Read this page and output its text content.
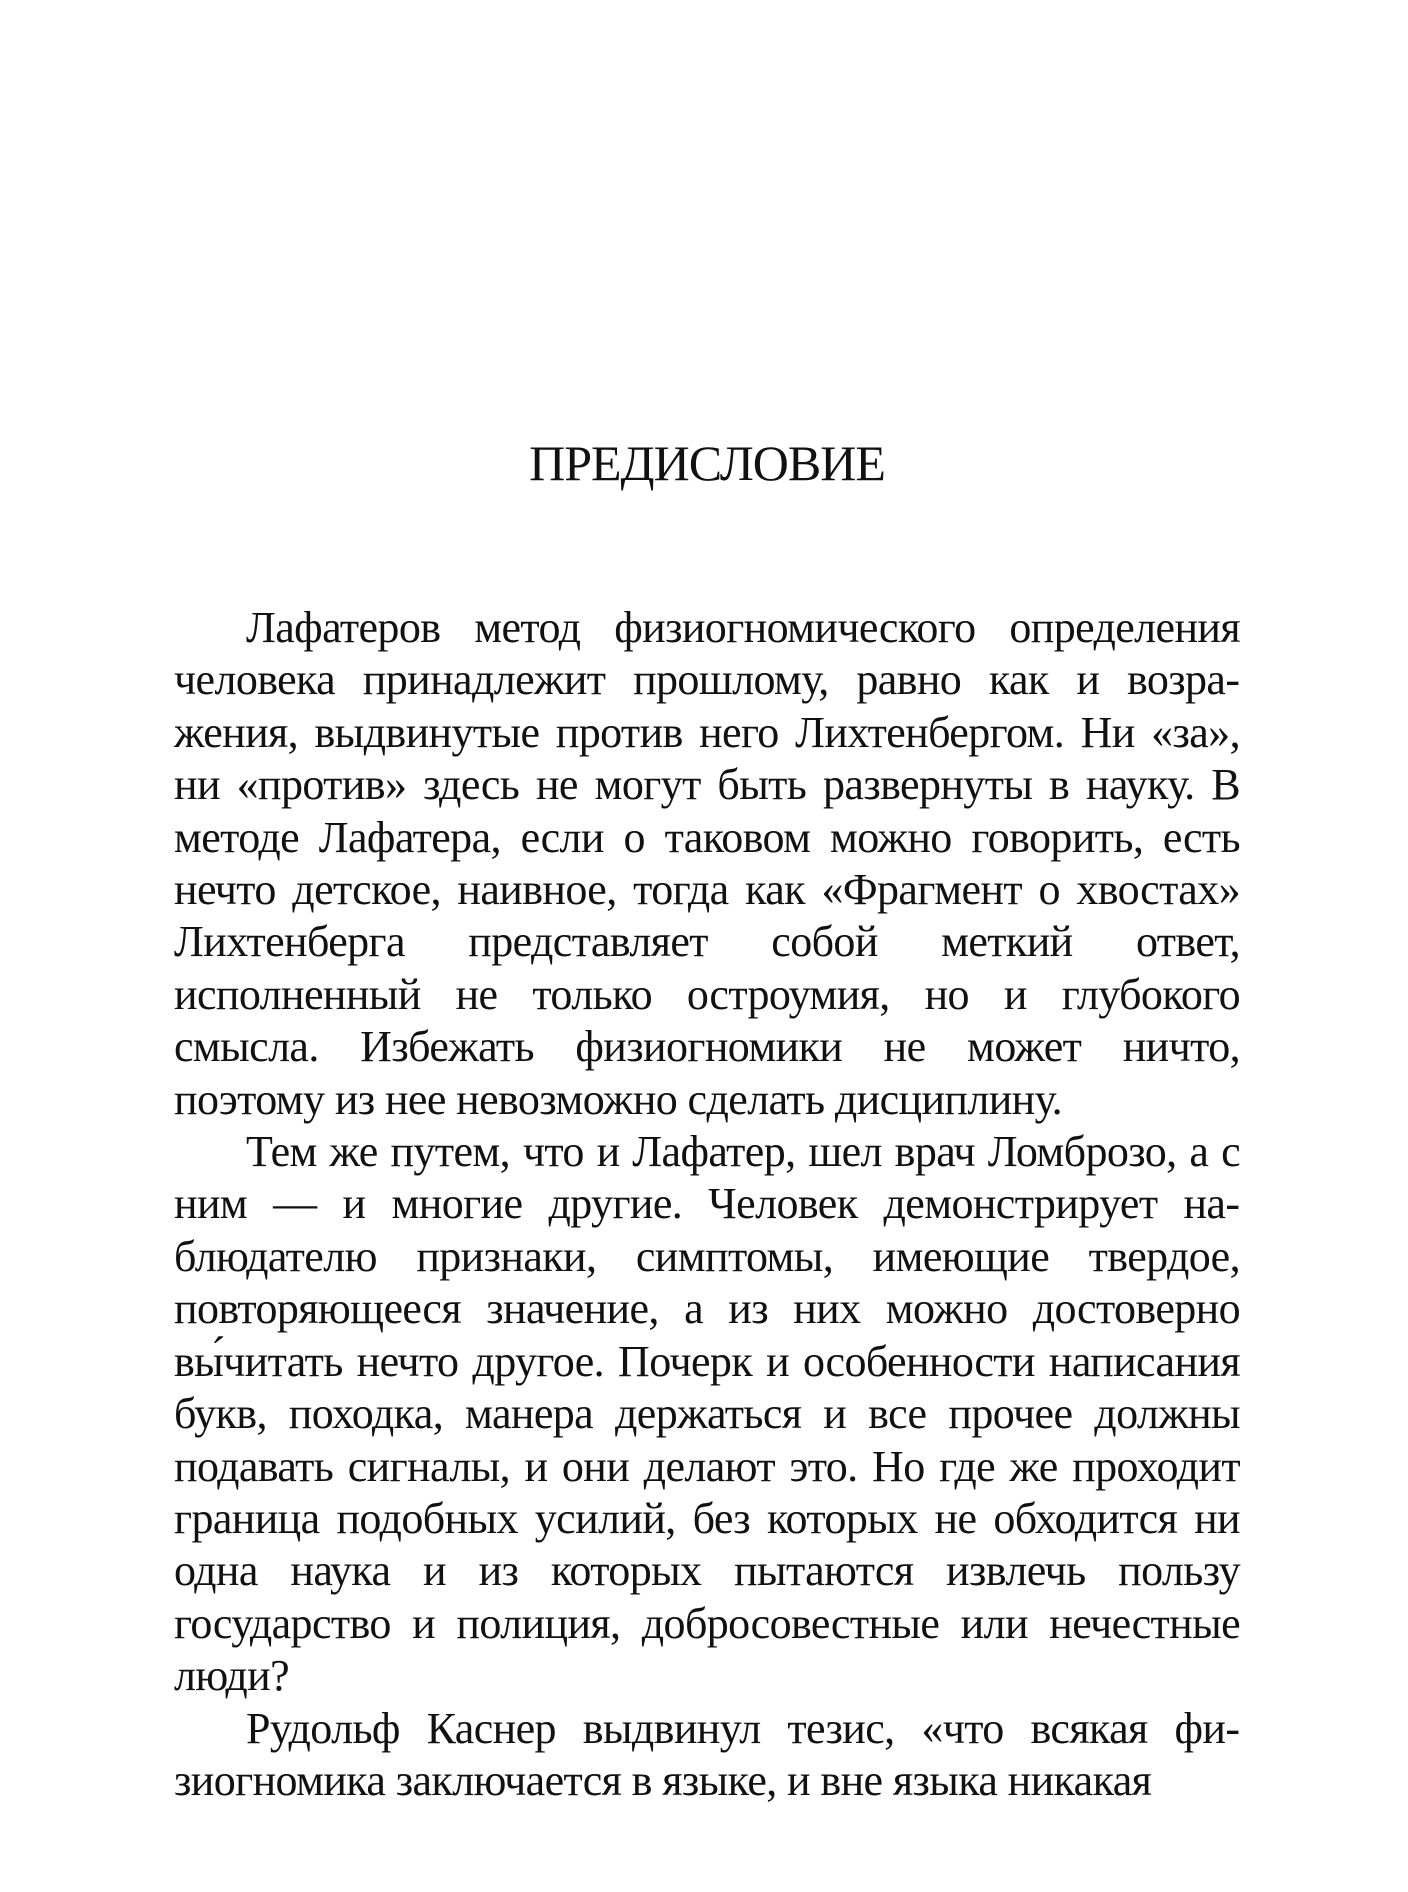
ПРЕДИСЛОВИЕ

Лафатеров метод физиогномического определения человека принадлежит прошлому, равно как и возражения, выдвинутые против него Лихтенбергом. Ни «за», ни «против» здесь не могут быть развернуты в науку. В методе Лафатера, если о таковом можно говорить, есть нечто детское, наивное, тогда как «Фрагмент о хвостах» Лихтенберга представляет собой меткий ответ, исполненный не только остроумия, но и глубокого смысла. Избежать физиогномики не может ничто, поэтому из нее невозможно сделать дисциплину.

Тем же путем, что и Лафатер, шел врач Ломброзо, а с ним — и многие другие. Человек демонстрирует наблюдателю признаки, симптомы, имеющие твердое, повторяющееся значение, а из них можно достоверно вы́читать нечто другое. Почерк и особенности написания букв, походка, манера держаться и все прочее должны подавать сигналы, и они делают это. Но где же проходит граница подобных усилий, без которых не обходится ни одна наука и из которых пытаются извлечь пользу государство и полиция, добросовестные или нечестные люди?

Рудольф Каснер выдвинул тезис, «что всякая физиогномика заключается в языке, и вне языка никакая
